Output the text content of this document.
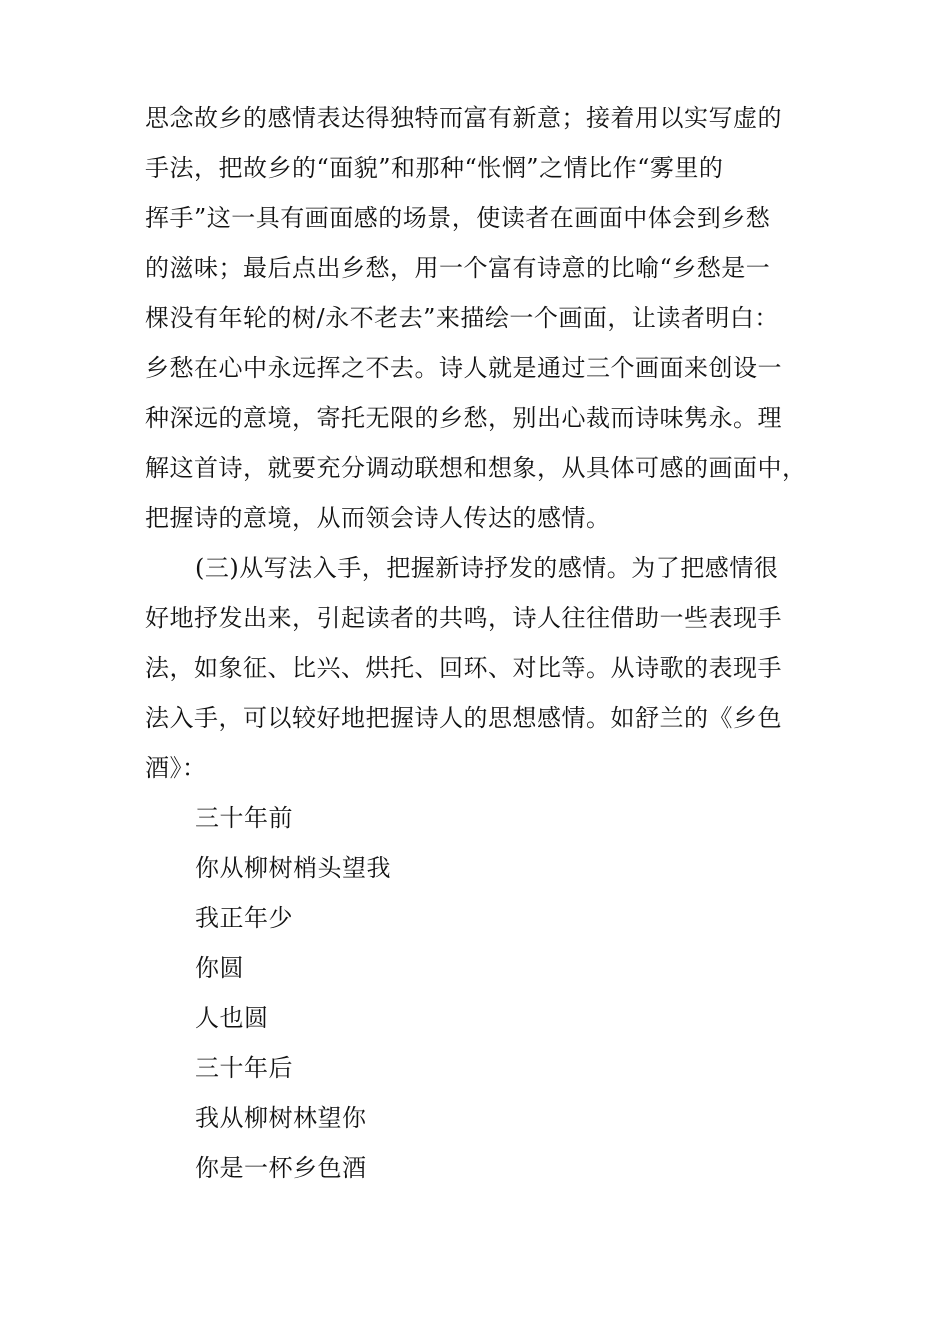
思念故乡的感情表达得独特而富有新意；接着用以实写虚的
手法，把故乡的“面貌”和那种“怅惘”之情比作“雾里的
挥手”这一具有画面感的场景，使读者在画面中体会到乡愁
的滋味；最后点出乡愁，用一个富有诗意的比喻“乡愁是一
棵没有年轮的树/永不老去”来描绘一个画面，让读者明白：
乡愁在心中永远挥之不去。诗人就是通过三个画面来创设一
种深远的意境，寄托无限的乡愁，别出心裁而诗味隽永。理
解这首诗，就要充分调动联想和想象，从具体可感的画面中，
把握诗的意境，从而领会诗人传达的感情。
(三)从写法入手，把握新诗抒发的感情。为了把感情很
好地抒发出来，引起读者的共鸣，诗人往往借助一些表现手
法，如象征、比兴、烘托、回环、对比等。从诗歌的表现手
法入手，可以较好地把握诗人的思想感情。如舒兰的《乡色
酒》：
三十年前
你从柳树梢头望我
我正年少
你圆
人也圆
三十年后
我从柳树林望你
你是一杯乡色酒
